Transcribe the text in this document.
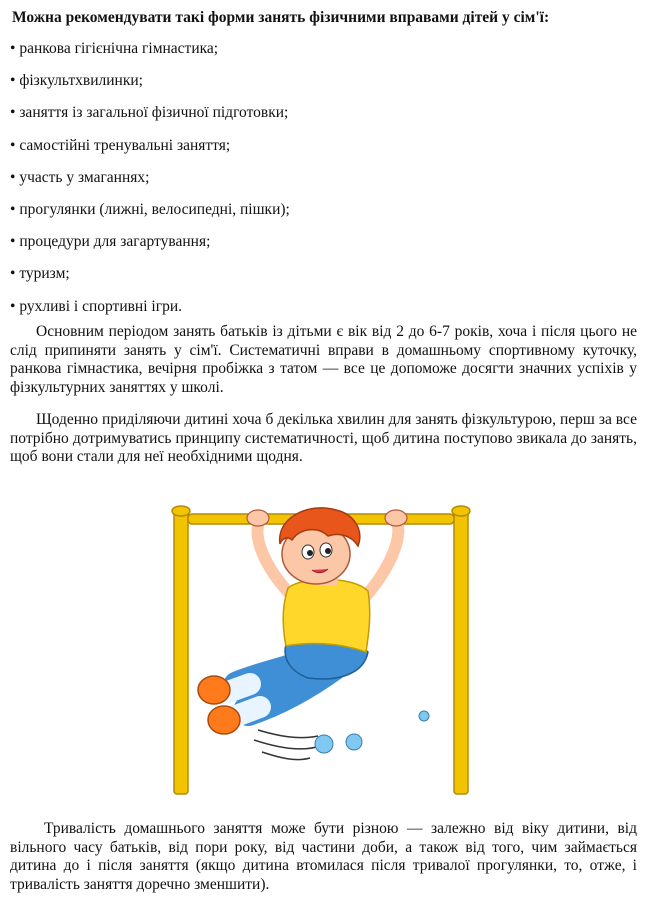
Можна рекомендувати такі форми занять фізичними вправами дітей у сім'ї:
• ранкова гігієнічна гімнастика;
• фізкультхвилинки;
• заняття із загальної фізичної підготовки;
• самостійні тренувальні заняття;
• участь у змаганнях;
• прогулянки (лижні, велосипедні, пішки);
• процедури для загартування;
• туризм;
• рухливі і спортивні ігри.

Основним періодом занять батьків із дітьми є вік від 2 до 6-7 років, хоча і після цього не слід припиняти занять у сім'ї. Систематичні вправи в домашньому спортивному куточку, ранкова гімнастика, вечірня пробіжка з татом — все це допоможе досягти значних успіхів у фізкультурних заняттях у школі.

Щоденно приділяючи дитині хоча б декілька хвилин для занять фізкультурою, перш за все потрібно дотримуватись принципу систематичності, щоб дитина поступово звикала до занять, щоб вони стали для неї необхідними щодня.

Тривалість домашнього заняття може бути різною — залежно від віку дитини, від вільного часу батьків, від пори року, від частини доби, а також від того, чим займається дитина до і після заняття (якщо дитина втомилася після тривалої прогулянки, то, отже, і тривалість заняття доречно зменшити).
